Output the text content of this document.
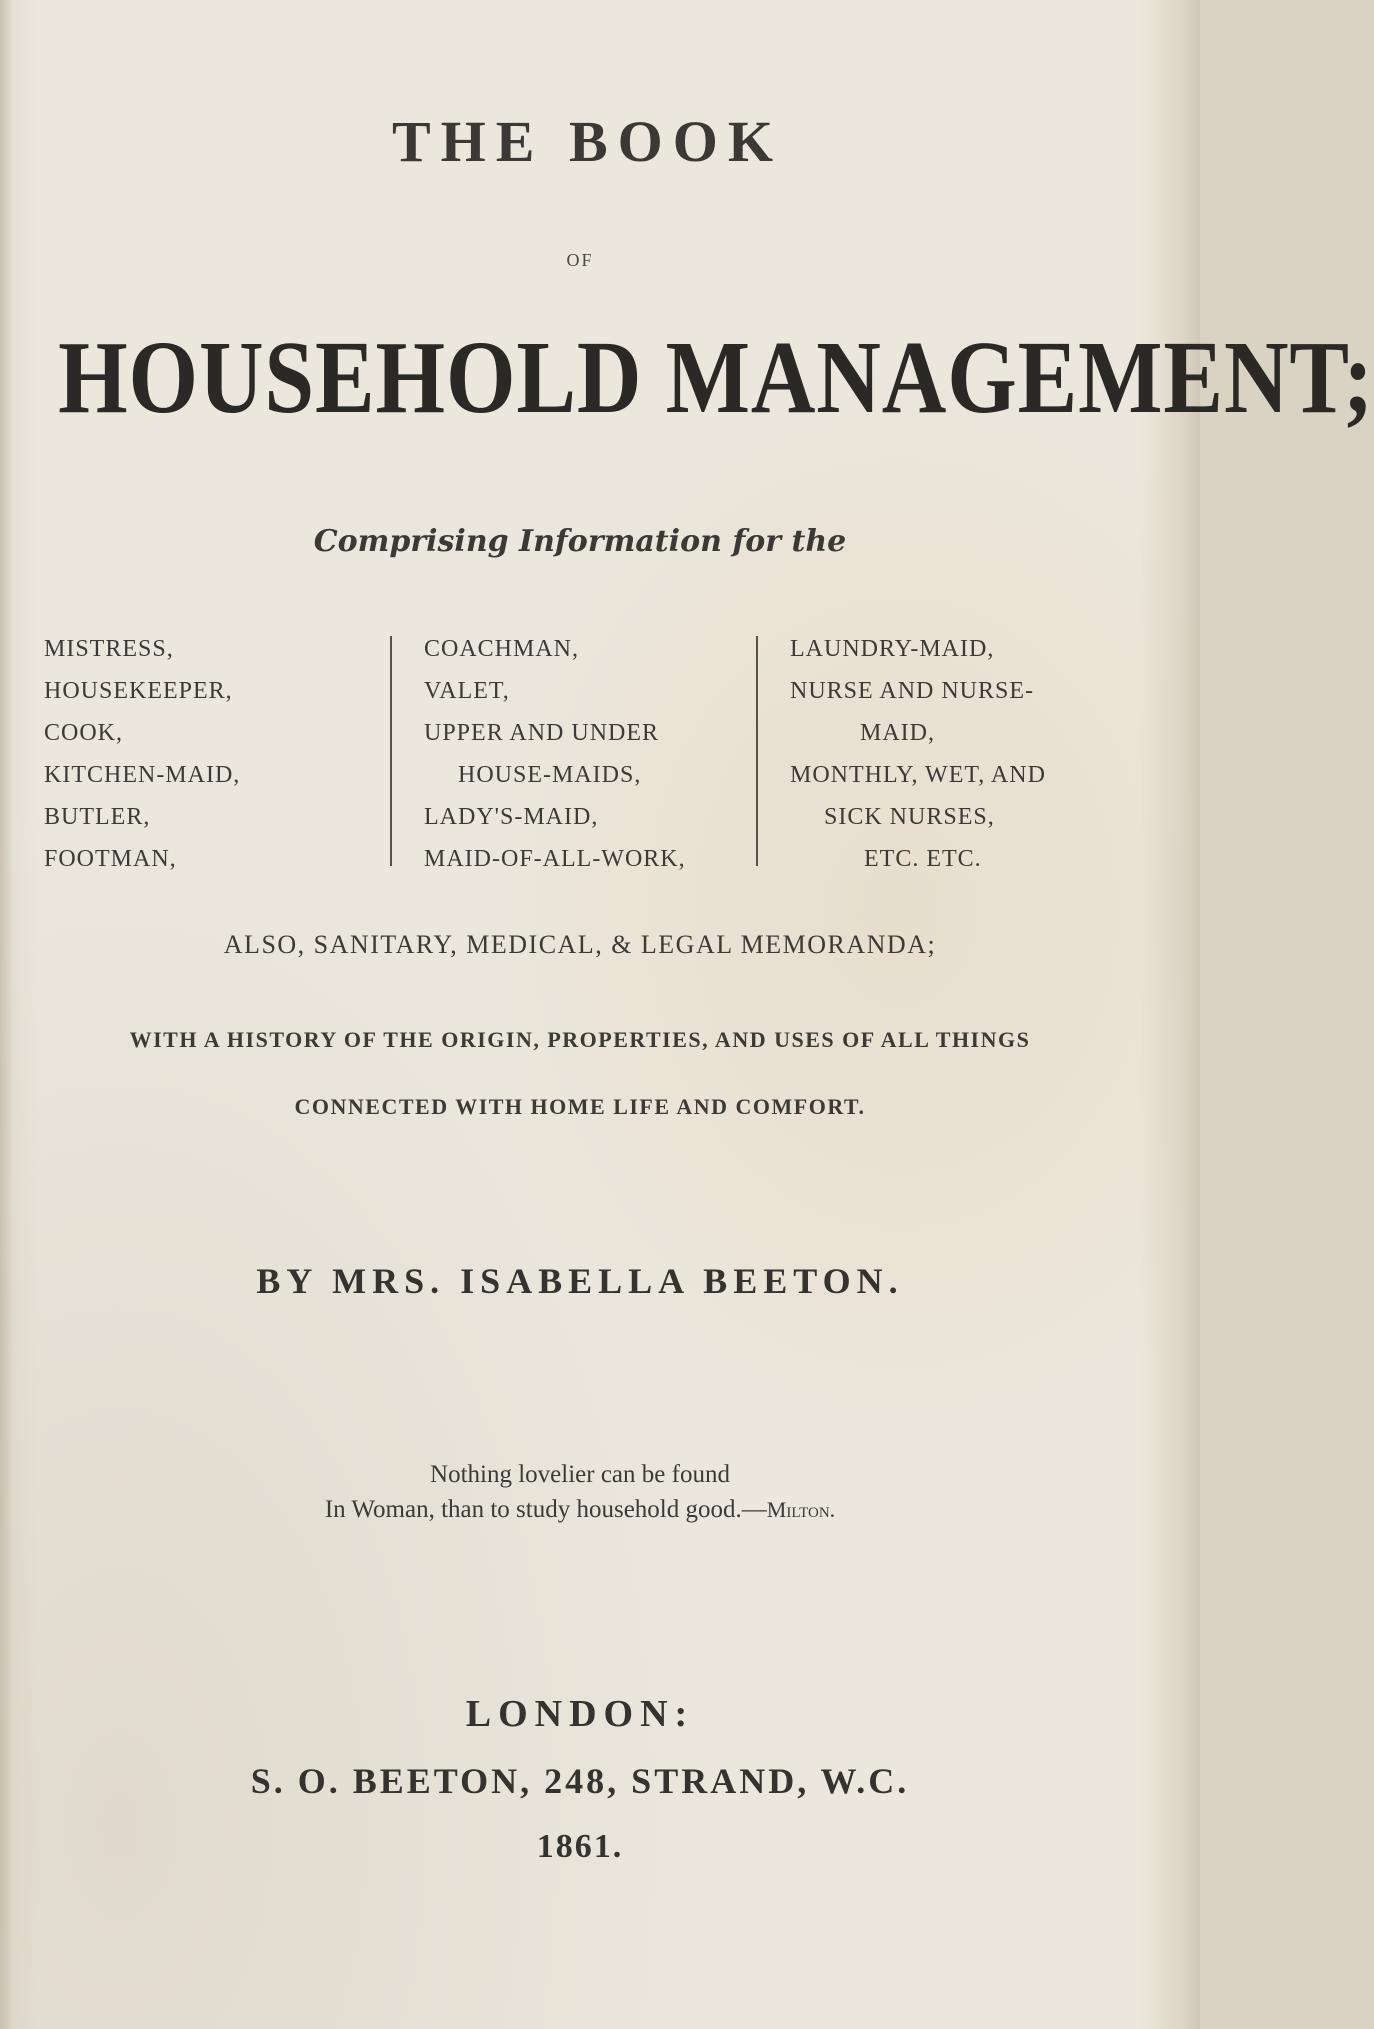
THE BOOK
OF
HOUSEHOLD MANAGEMENT;
Comprising Information for the
MISTRESS,
HOUSEKEEPER,
COOK,
KITCHEN-MAID,
BUTLER,
FOOTMAN,
COACHMAN,
VALET,
UPPER AND UNDER
HOUSE-MAIDS,
LADY'S-MAID,
MAID-OF-ALL-WORK,
LAUNDRY-MAID,
NURSE AND NURSE-
MAID,
MONTHLY, WET, AND
SICK NURSES,
ETC. ETC.
ALSO, SANITARY, MEDICAL, & LEGAL MEMORANDA;
WITH A HISTORY OF THE ORIGIN, PROPERTIES, AND USES OF ALL THINGS
CONNECTED WITH HOME LIFE AND COMFORT.
BY MRS. ISABELLA BEETON.
Nothing lovelier can be found
In Woman, than to study household good.—Milton.
LONDON:
S. O. BEETON, 248, STRAND, W.C.
1861.
